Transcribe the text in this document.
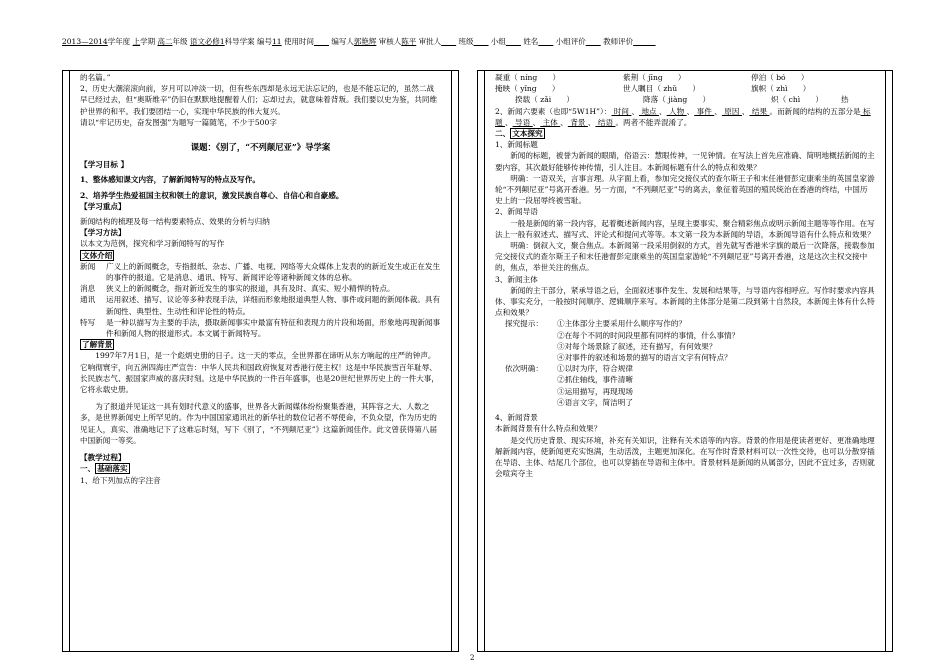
2013—2014学年度 上学期 高二年级 语文必修1科导学案 编号11 使用时间   编写人郭艳辉 审核人陈平 审批人   班级   小组   姓名   小组评价   教师评价   

的名篇。”

2、历史大潮滚滚向前，岁月可以冲淡一切，但有些东西却是永远无法忘记的，也是不能忘记的，虽然二战早已经过去，但“奥斯维辛”仍旧在默默地提醒着人们；忘却过去，就意味着背叛。我们要以史为鉴，共同维护世界的和平。我们要团结一心，实现中华民族的伟大复兴。

请以“牢记历史，奋发图强”为题写一篇随笔，不少于500字

课题：《别了，“不列颠尼亚”》导学案

【学习目标 】

1、整体感知课文内容，了解新闻特写的特点及写作。

2、培养学生热爱祖国主权和领土的意识，激发民族自尊心、自信心和自豪感。

【学习重点】

新闻结构的梳理及每一结构要素特点、效果的分析与归纳

【学习方法】

以本文为范例，探究和学习新闻特写的写作

文体介绍

新闻	广义上的新闻概念，专指报纸、杂志、广播、电视、网络等大众媒体上发表的的新近发生或正在发生的事件的报道。它是消息、通讯、特写、新闻评论等诸种新闻文体的总称。
消息	狭义上的新闻概念，指对新近发生的事实的报道，具有及时、真实、短小精悍的特点。
通讯	运用叙述、描写、议论等多种表现手法，详细而形象地报道典型人物、事件或问题的新闻体裁。具有新闻性、典型性、生动性和评论性的特点。
特写	是一种以描写为主要的手法，摄取新闻事实中最富有特征和表现力的片段和场面，形象地再现新闻事件和新闻人物的报道形式。本文属于新闻特写。

了解背景

1997年7月1日，是一个彪炳史册的日子。这一天的零点，全世界都在谛听从东方响起的庄严的钟声。它响彻寰宇，向五洲四海庄严宣告：中华人民共和国政府恢复对香港行使主权！这是中华民族雪百年耻辱、长民族志气、振国家声威的喜庆时刻。这是中华民族的一件百年盛事，也是20世纪世界历史上的一件大事，它将永载史册。

为了报道并见证这一具有划时代意义的盛事，世界各大新闻媒体纷纷聚集香港，其阵容之大、人数之多，是世界新闻史上所罕见的。作为中国国家通讯社的新华社的数位记者不辱使命，不负众望，作为历史的见证人，真实、准确地记下了这难忘时刻，写下《别了，“不列颠尼亚”》这篇新闻佳作。此文曾获得第八届中国新闻一等奖。

【教学过程】

一、 基础落实

1、给下列加点的字注音

凝重（ nínɡ　　）	紫荆（ jīnɡ　　）	停泊（ bó　　）
掩映（ yǐnɡ　　）	世人瞩目（ zhǔ　　）	旗帜（ zhì　　）
揆载（ zǎi　　）	降落（ jiànɡ　　）	炽（ chì　　）	热

2、新闻六要素（也即“5W1H”）： 时间 、 地点 、 人物 、 事件 、 原因 、 结果 。而新闻的结构的五部分是 标题 、 导语 、 主体 、 背景 、 结语 。两者不能弄混淆了。

二、 文本探究

1、新闻标题

新闻的标题，被誉为新闻的眼睛，俗语云：慧眼传神，一见钟情。在写法上首先应准确、简明地概括新闻的主要内容，其次最好能够传神传情，引人注目。本新闻标题有什么的特点和效果？

明确：一语双关，言事言理。从字面上看，参加完交接仪式的查尔斯王子和末任港督彭定康乘坐的英国皇家游轮“不列颠尼亚”号离开香港。另一方面，“不列颠尼亚”号的离去，象征着英国的殖民统治在香港的终结，中国历史上的一段屈辱终被雪耻。

2、新闻导语

一般是新闻的第一段内容，起着概述新闻内容，呈现主要事实、聚合精彩焦点或明示新闻主题等等作用。在写法上一般有叙述式、描写式、评论式和提问式等等。本文第一段为本新闻的导语，本新闻导语有什么特点和效果？

明确：倒叙入文，聚合焦点。本新闻第一段采用倒叙的方式，首先就写香港米字旗的最后一次降落，接载参加完交接仪式的查尔斯王子和末任港督彭定康乘坐的英国皇家游轮“不列颠尼亚”号离开香港，这是这次主权交接中的，焦点，举世关注的焦点。

3、新闻主体

新闻的主干部分，紧承导语之后，全面叙述事件发生、发展和结果等，与导语内容相呼应。写作时要求内容具体、事实充分，一般按时间顺序、逻辑顺序来写。本新闻的主体部分是第二段到第十自然段，本新闻主体有什么特点和效果？

探究提示：	①主体部分主要采用什么顺序写作的？
②在每个不同的时间段里都有同样的事情，什么事情？
③对每个场景除了叙述，还有描写，有何效果？
④对事件的叙述和场景的描写的语言文字有何特点？
依次明确：	①以时为序，符合规律
②抓住轴线，事件清晰
③运用描写，再现现场
④语言文字，简洁明了

4、新闻背景

本新闻背景有什么特点和效果？

是交代历史背景、现实环境，补充有关知识，注释有关术语等的内容。背景的作用是使读者更好、更准确地理解新闻内容，使新闻更充实饱满，生动活泼，主题更加深化。在写作时背景材料可以一次性交待，也可以分散穿插在导语、主体、结尾几个部位，也可以穿插在导语和主体中。背景材料是新闻的从属部分，因此不宜过多，否则就会喧宾夺主

2
